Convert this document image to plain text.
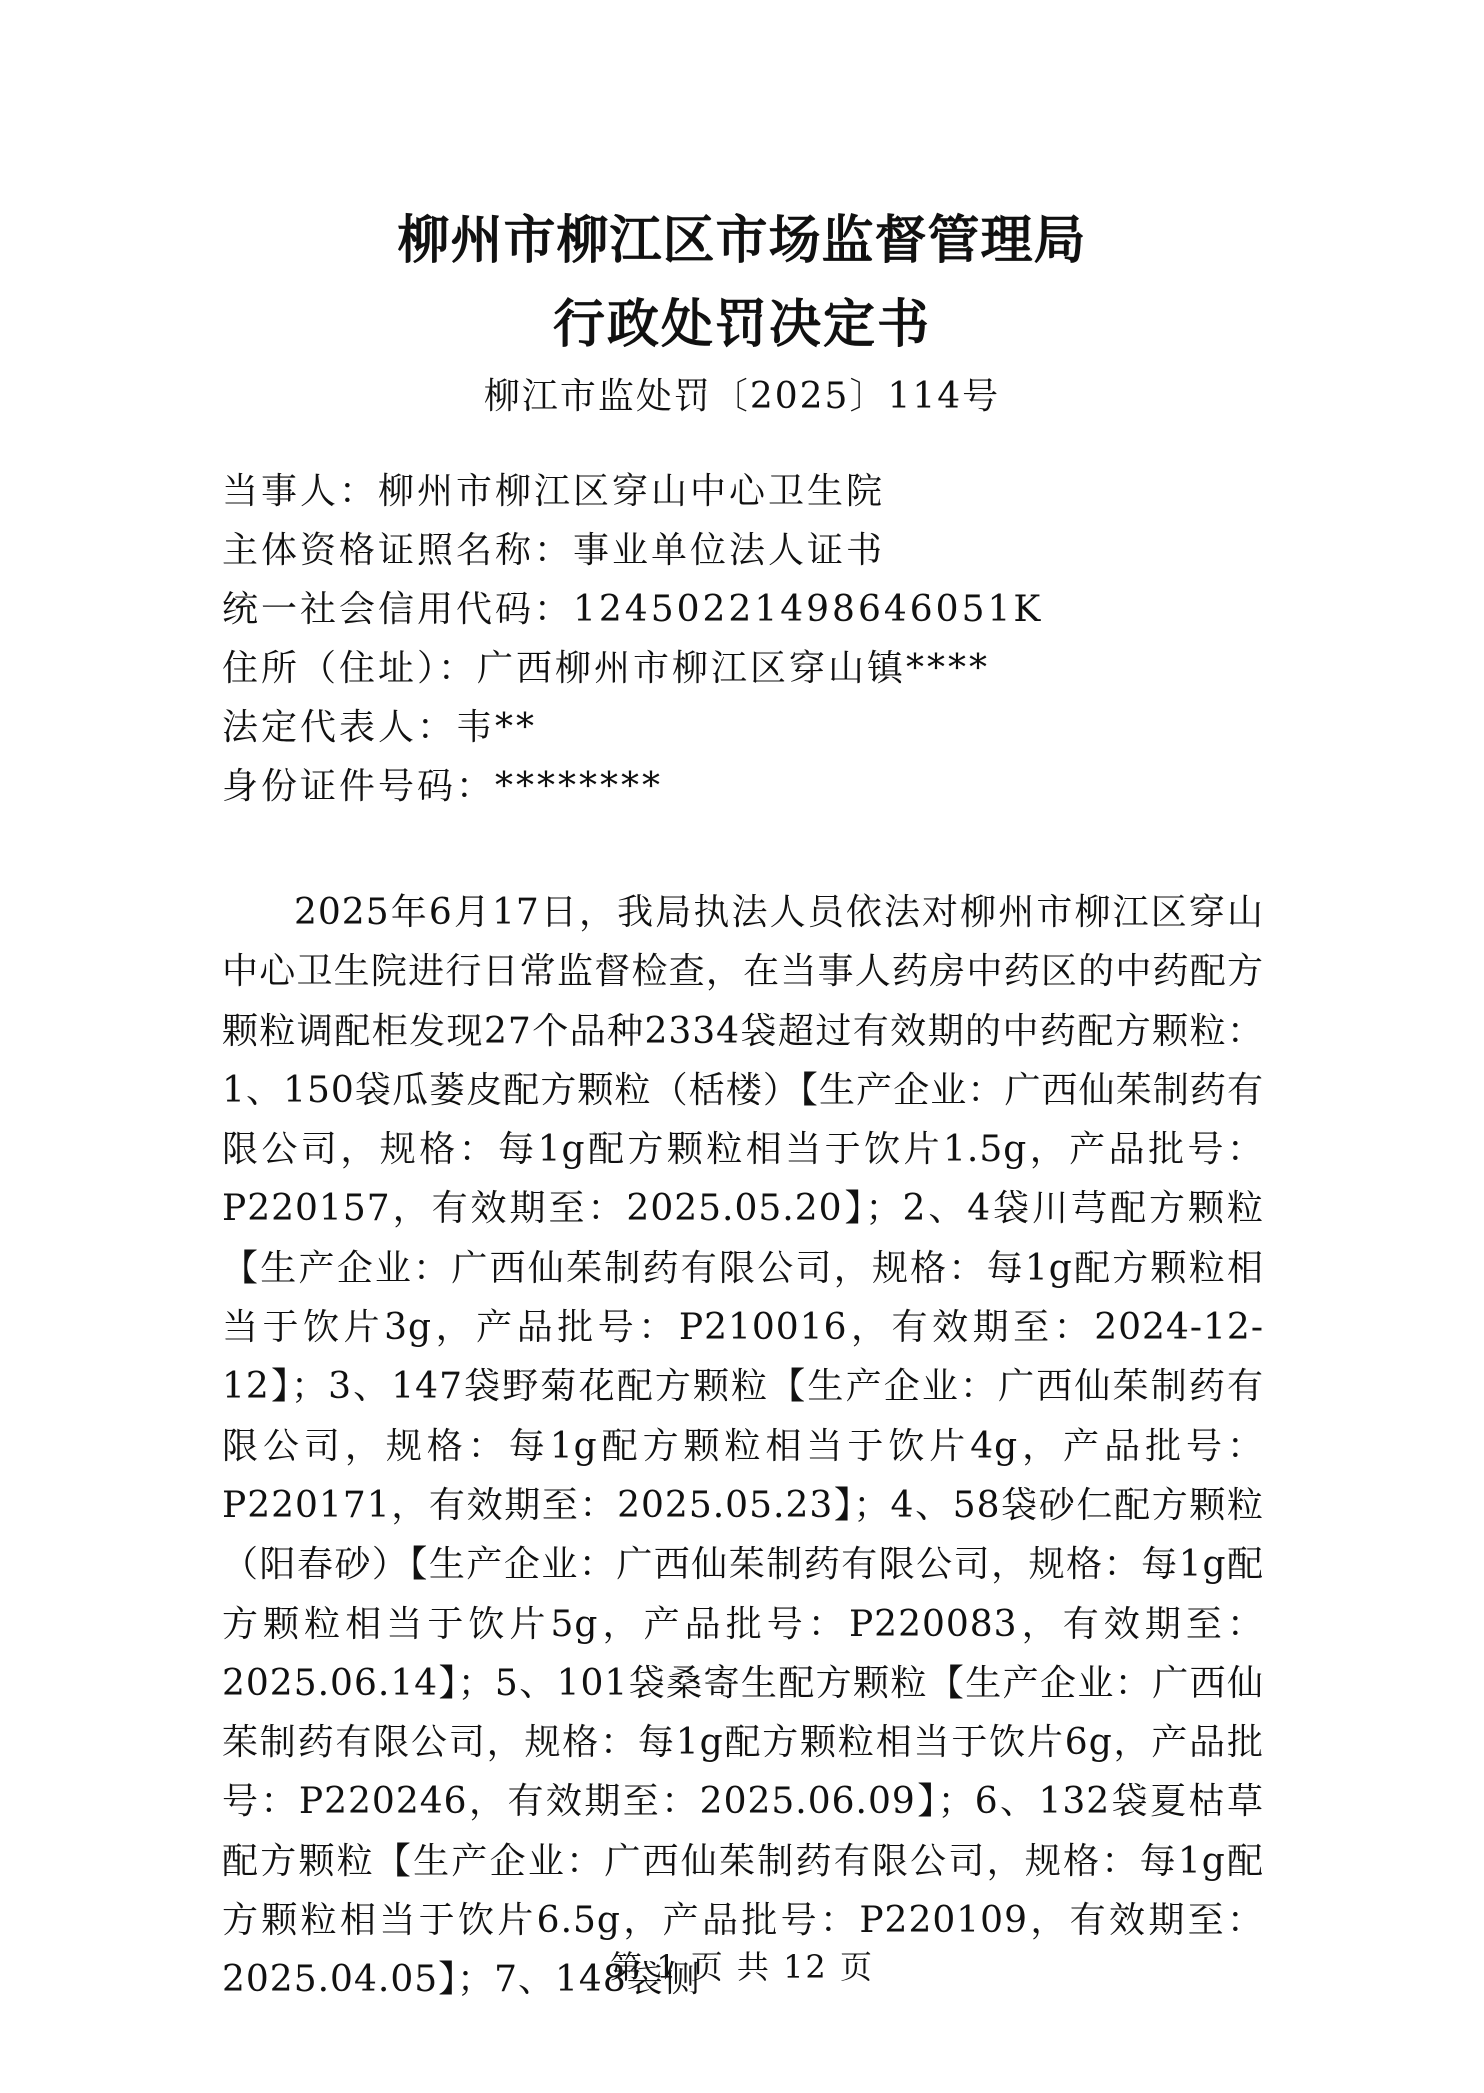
柳州市柳江区市场监督管理局
行政处罚决定书
柳江市监处罚〔2025〕114号
当事人：柳州市柳江区穿山中心卫生院
主体资格证照名称：事业单位法人证书
统一社会信用代码：12450221498646051K
住所（住址）：广西柳州市柳江区穿山镇****
法定代表人：韦**
身份证件号码：********

2025年6月17日，我局执法人员依法对柳州市柳江区穿山中心卫生院进行日常监督检查，在当事人药房中药区的中药配方颗粒调配柜发现27个品种2334袋超过有效期的中药配方颗粒：1、150袋瓜蒌皮配方颗粒（栝楼）【生产企业：广西仙茱制药有限公司，规格：每1g配方颗粒相当于饮片1.5g，产品批号：P220157，有效期至：2025.05.20】；2、4袋川芎配方颗粒【生产企业：广西仙茱制药有限公司，规格：每1g配方颗粒相当于饮片3g，产品批号：P210016，有效期至：2024-12-12】；3、147袋野菊花配方颗粒【生产企业：广西仙茱制药有限公司，规格：每1g配方颗粒相当于饮片4g，产品批号：P220171，有效期至：2025.05.23】；4、58袋砂仁配方颗粒（阳春砂）【生产企业：广西仙茱制药有限公司，规格：每1g配方颗粒相当于饮片5g，产品批号：P220083，有效期至：2025.06.14】；5、101袋桑寄生配方颗粒【生产企业：广西仙茱制药有限公司，规格：每1g配方颗粒相当于饮片6g，产品批号：P220246，有效期至：2025.06.09】；6、132袋夏枯草配方颗粒【生产企业：广西仙茱制药有限公司，规格：每1g配方颗粒相当于饮片6.5g，产品批号：P220109，有效期至：2025.04.05】；7、148袋侧

第 1 页 共 12 页
